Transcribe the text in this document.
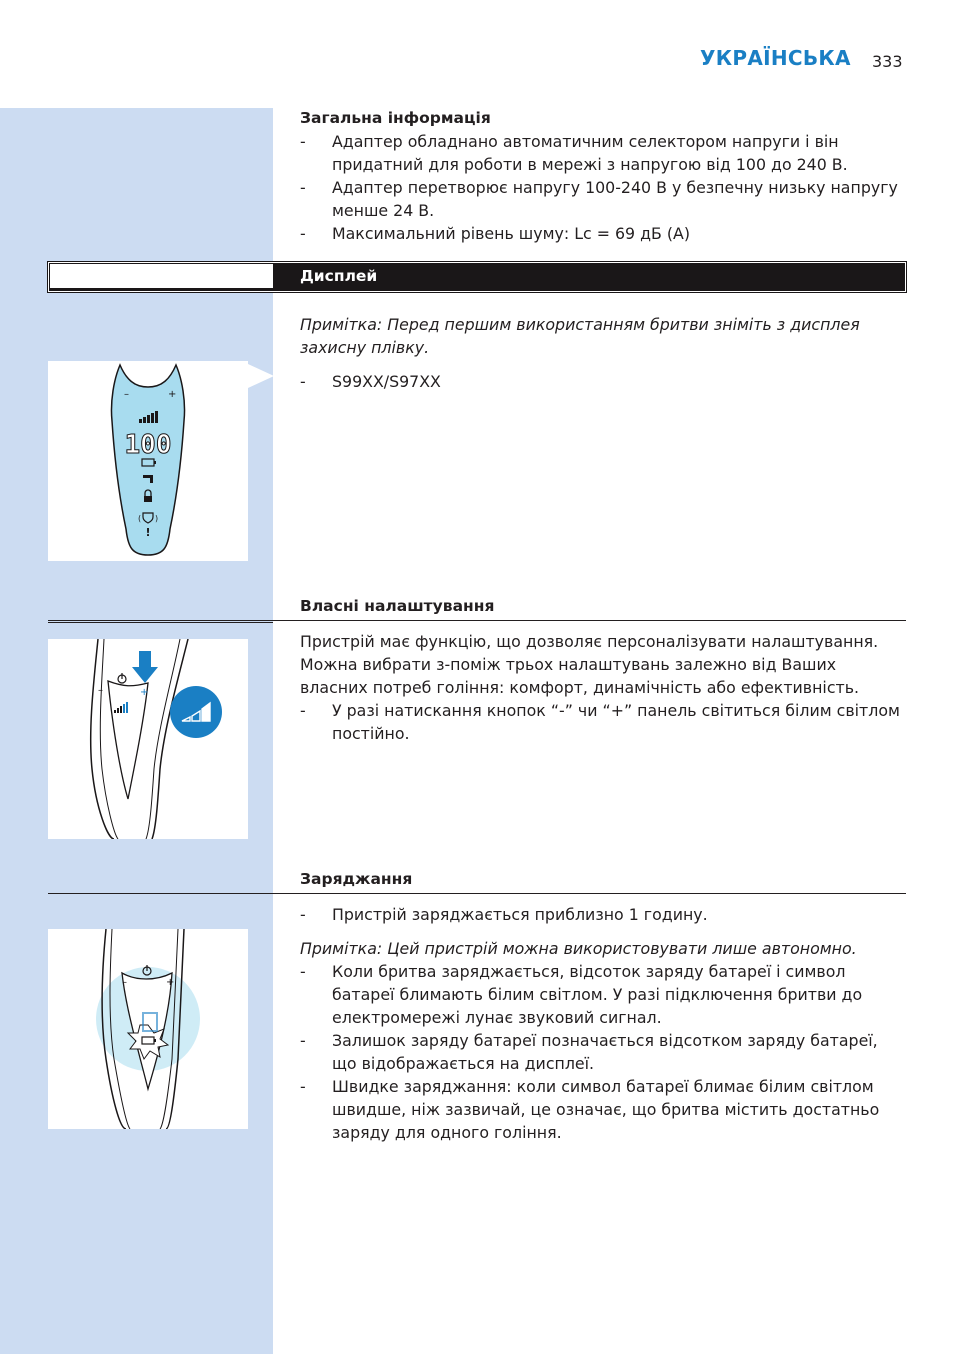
УКРАЇНСЬКА 333
Загальна інформація
- Адаптер обладнано автоматичним селектором напруги і він придатний для роботи в мережі з напругою від 100 до 240 В.
- Адаптер перетворює напругу 100-240 В у безпечну низьку напругу менше 24 В.
- Максимальний рівень шуму: Lc = 69 дБ (A)
Дисплей
Примітка: Перед першим використанням бритви зніміть з дисплея захисну плівку.
- S99XX/S97XX
–	+
100
( )
!
Власні налаштування
Пристрій має функцію, що дозволяє персоналізувати налаштування. Можна вибрати з-поміж трьох налаштувань залежно від Ваших власних потреб гоління: комфорт, динамічність або ефективність.
- У разі натискання кнопок “-” чи “+” панель світиться білим світлом постійно.
–	+
Заряджання
- Пристрій заряджається приблизно 1 годину.
Примітка: Цей пристрій можна використовувати лише автономно.
- Коли бритва заряджається, відсоток заряду батареї і символ батареї блимають білим світлом. У разі підключення бритви до електромережі лунає звуковий сигнал.
- Залишок заряду батареї позначається відсотком заряду батареї, що відображається на дисплеї.
- Швидке заряджання: коли символ батареї блимає білим світлом швидше, ніж зазвичай, це означає, що бритва містить достатньо заряду для одного гоління.
–	+
